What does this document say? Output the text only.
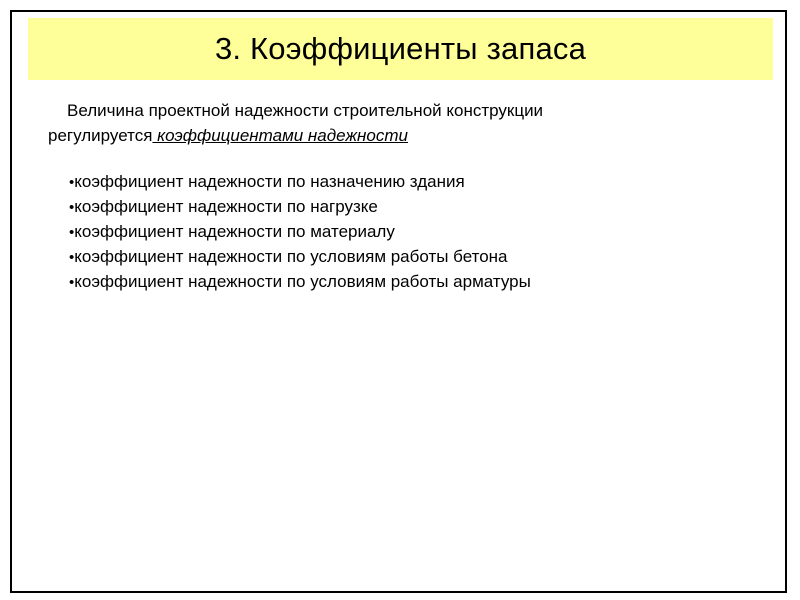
3. Коэффициенты запаса
Величина проектной надежности строительной конструкции
регулируется коэффициентами надежности
•коэффициент надежности по назначению здания
•коэффициент надежности по нагрузке
•коэффициент надежности по материалу
•коэффициент надежности по условиям работы бетона
•коэффициент надежности по условиям работы арматуры
